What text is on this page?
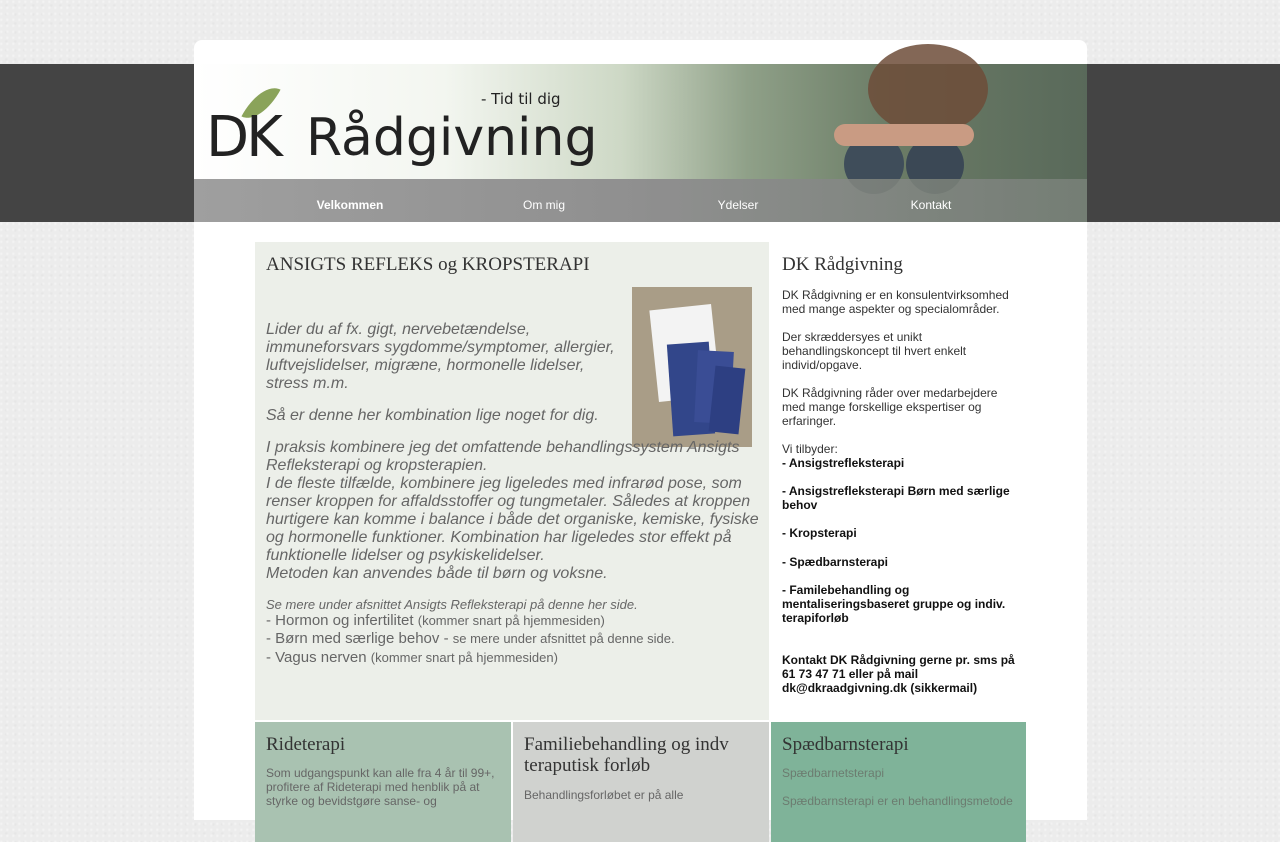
DK Rådgivning
- Tid til dig
Velkommen	Om mig	Ydelser	Kontakt
ANSIGTS REFLEKS og KROPSTERAPI

Lider du af fx. gigt, nervebetændelse, immuneforsvars sygdomme/symptomer, allergier, luftvejslidelser, migræne, hormonelle lidelser, stress m.m.

Så er denne her kombination lige noget for dig.

I praksis kombinere jeg det omfattende behandlingssystem Ansigts Refleksterapi og kropsterapien.
I de fleste tilfælde, kombinere jeg ligeledes med infrarød pose, som renser kroppen for affaldsstoffer og tungmetaler. Således at kroppen hurtigere kan komme i balance i både det organiske, kemiske, fysiske og hormonelle funktioner. Kombination har ligeledes stor effekt på funktionelle lidelser og psykiskelidelser.
Metoden kan anvendes både til børn og voksne.

Se mere under afsnittet Ansigts Refleksterapi på denne her side.

- Hormon og infertilitet (kommer snart på hjemmesiden)
- Børn med særlige behov - se mere under afsnittet på denne side.
- Vagus nerven (kommer snart på hjemmesiden)
DK Rådgivning

DK Rådgivning er en konsulentvirksomhed med mange aspekter og specialområder.

Der skræddersyes et unikt behandlingskoncept til hvert enkelt individ/opgave.

DK Rådgivning råder over medarbejdere med mange forskellige ekspertiser og erfaringer.

Vi tilbyder:

- Ansigstrefleksterapi

- Ansigstrefleksterapi Børn med særlige behov

- Kropsterapi

- Spædbarnsterapi

- Familebehandling og mentaliseringsbaseret gruppe og indiv. terapiforløb

Kontakt DK Rådgivning gerne pr. sms på 61 73 47 71 eller på mail dk@dkraadgivning.dk (sikkermail)

Rideterapi

Som udgangspunkt kan alle fra 4 år til 99+, profitere af Rideterapi med henblik på at styrke og bevidstgøre sanse- og

Familiebehandling og indv teraputisk forløb

Behandlingsforløbet er på alle

Spædbarnsterapi

Spædbarnetsterapi

Spædbarnsterapi er en behandlingsmetode
